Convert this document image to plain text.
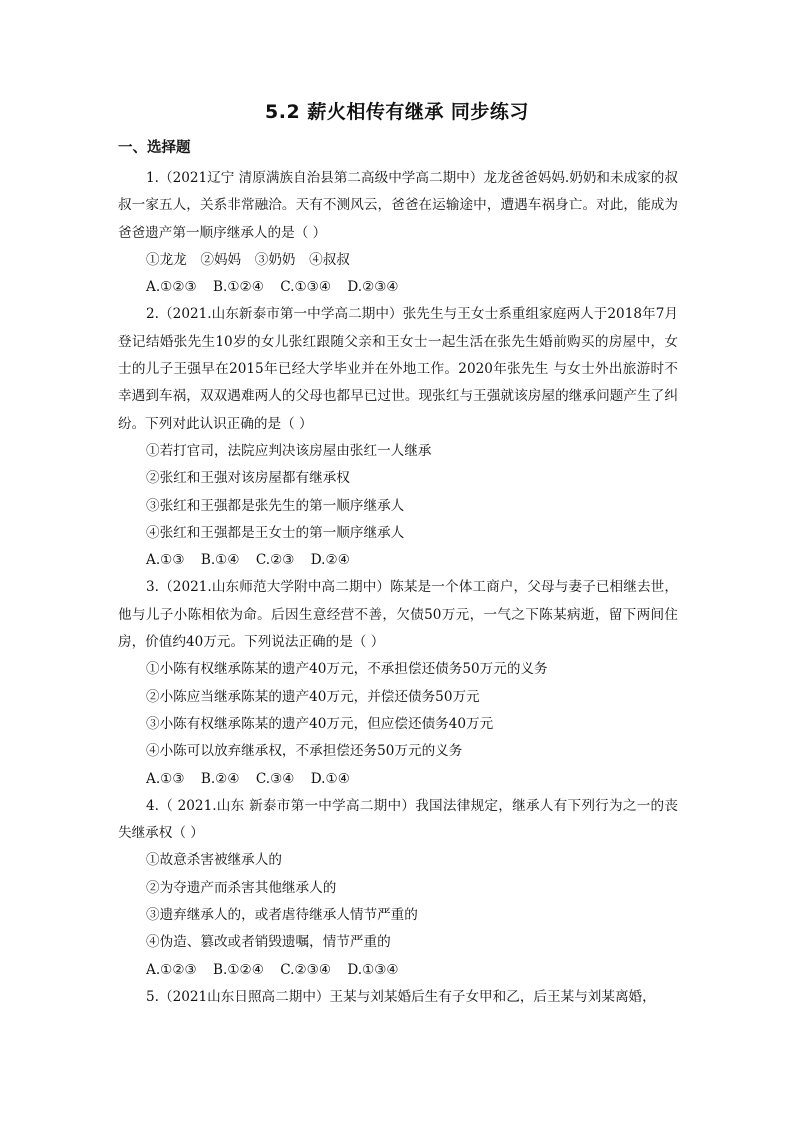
5.2 薪火相传有继承 同步练习
一、选择题

1.（2021辽宁 清原满族自治县第二高级中学高二期中）龙龙爸爸妈妈.奶奶和未成家的叔叔一家五人，关系非常融洽。天有不测风云，爸爸在运输途中，遭遇车祸身亡。对此，能成为爸爸遗产第一顺序继承人的是（ ）

①龙龙　②妈妈　③奶奶　④叔叔

A.①②③ B.①②④ C.①③④ D.②③④

2.（2021.山东新泰市第一中学高二期中）张先生与王女士系重组家庭两人于2018年7月登记结婚张先生10岁的女儿张红跟随父亲和王女士一起生活在张先生婚前购买的房屋中，女士的儿子王强早在2015年已经大学毕业并在外地工作。2020年张先生 与女士外出旅游时不幸遇到车祸，双双遇难两人的父母也都早已过世。现张红与王强就该房屋的继承问题产生了纠纷。下列对此认识正确的是（ ）

①若打官司，法院应判决该房屋由张红一人继承

②张红和王强对该房屋都有继承权

③张红和王强都是张先生的第一顺序继承人

④张红和王强都是王女士的第一顺序继承人

A.①③ B.①④ C.②③ D.②④

3.（2021.山东师范大学附中高二期中）陈某是一个体工商户，父母与妻子已相继去世，他与儿子小陈相依为命。后因生意经营不善，欠债50万元，一气之下陈某病逝，留下两间住房，价值约40万元。下列说法正确的是（ ）

①小陈有权继承陈某的遗产40万元，不承担偿还债务50万元的义务

②小陈应当继承陈某的遗产40万元，并偿还债务50万元

③小陈有权继承陈某的遗产40万元，但应偿还债务40万元

④小陈可以放弃继承权，不承担偿还务50万元的义务

A.①③ B.②④ C.③④ D.①④

4.（ 2021.山东 新泰市第一中学高二期中）我国法律规定，继承人有下列行为之一的丧失继承权（ ）

①故意杀害被继承人的

②为夺遗产而杀害其他继承人的

③遗弃继承人的，或者虐待继承人情节严重的

④伪造、篡改或者销毁遗嘱，情节严重的

A.①②③ B.①②④ C.②③④ D.①③④

5.（2021山东日照高二期中）王某与刘某婚后生有子女甲和乙，后王某与刘某离婚，
